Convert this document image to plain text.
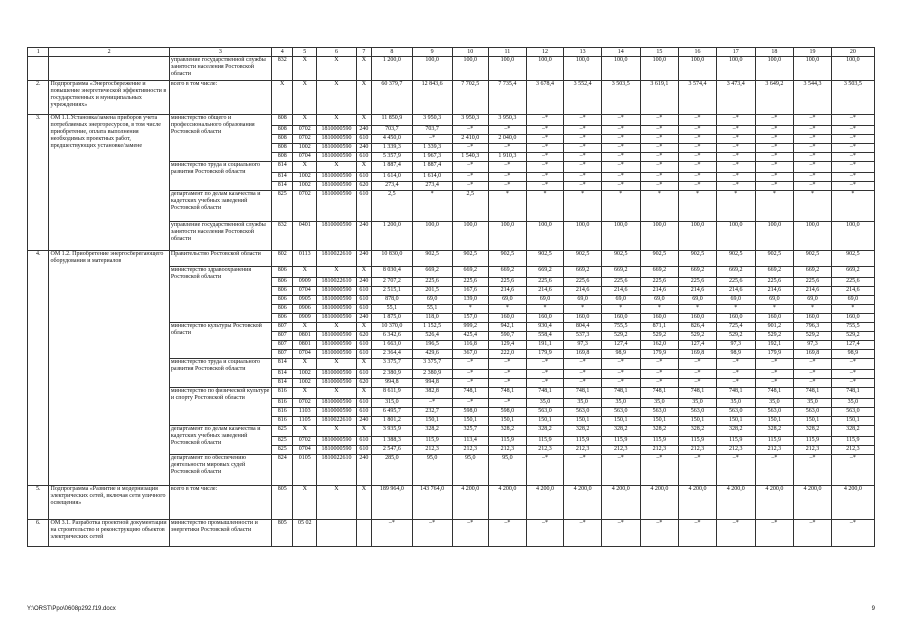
1	2	3	4	5	6	7	8	9	10	11	12	13	14	15	16	17	18	19	20
		управление государственной службы занятости населения Ростовской области	832	X	X	X	1 200,0	100,0	100,0	100,0	100,0	100,0	100,0	100,0	100,0	100,0	100,0	100,0	100,0
2.	Подпрограмма «Энергосбережение и повышение энергетической эффективности в государственных и муниципальных учреждениях»	всего в том числе:	X	X	X	X	60 379,7	12 843,6	7 702,5	7 735,4	3 678,4	3 552,4	3 503,5	3 619,1	3 574,4	3 473,4	3 649,2	3 544,3	3 503,5
3.	ОМ 1.1.Установка/замена приборов учета потребляемых энергоресурсов, в том числе приобретение, оплата выполнения необходимых проектных работ, предшествующих установке/замене	министерство общего и профессионального образования Ростовской области	808	X	X	X	11 850,9	3 950,3	3 950,3	3 950,3	–*	–*	–*	–*	–*	–*	–*	–*	–*
			808	0702	1810000590	240	703,7	703,7	–*	–*	–*	–*	–*	–*	–*	–*	–*	–*	–*
			808	0702	1810000590	610	4 450,0	–*	2 410,0	2 040,0	–*	–*	–*	–*	–*	–*	–*	–*	–*
			808	1002	1810000590	240	1 339,3	1 339,3	–*	–*	–*	–*	–*	–*	–*	–*	–*	–*	–*
			808	0704	1810000590	610	5 357,9	1 967,3	1 540,3	1 910,3	–*	–*	–*	–*	–*	–*	–*	–*	–*
		министерство труда и социального развития Ростовской области	814	X	X	X	1 887,4	1 887,4	–*	–*	–*	–*	–*	–*	–*	–*	–*	–*	–*
			814	1002	1810000590	610	1 614,0	1 614,0	–*	–*	–*	–*	–*	–*	–*	–*	–*	–*	–*
			814	1002	1810000590	620	273,4	273,4	–*	–*	–*	–*	–*	–*	–*	–*	–*	–*	–*
		департамент по делам казачества и кадетских учебных заведений Ростовской области	825	0702	1810000590	610	2,5	*	2,5	*	*	*	*	*	*	*	*	*	*
		управление государственной службы занятости населения Ростовской области	832	0401	1810000590	240	1 200,0	100,0	100,0	100,0	100,0	100,0	100,0	100,0	100,0	100,0	100,0	100,0	100,0
4.	ОМ 1.2. Приобретение энергосберегающего оборудования и материалов	Правительство Ростовской области	802	0113	1810022610	240	10 830,0	902,5	902,5	902,5	902,5	902,5	902,5	902,5	902,5	902,5	902,5	902,5	902,5
		министерство здравоохранения Ростовской области	806	X	X	X	8 030,4	669,2	669,2	669,2	669,2	669,2	669,2	669,2	669,2	669,2	669,2	669,2	669,2
			806	0909	1810022610	240	2 707,2	225,6	225,6	225,6	225,6	225,6	225,6	225,6	225,6	225,6	225,6	225,6	225,6
			806	0704	1810000590	610	2 515,1	201,5	167,6	214,6	214,6	214,6	214,6	214,6	214,6	214,6	214,6	214,6	214,6
			806	0905	1810000590	610	878,0	69,0	139,0	69,0	69,0	69,0	69,0	69,0	69,0	69,0	69,0	69,0	69,0
			806	0906	1810000590	610	55,1	55,1	*	*	*	*	*	*	*	*	*	*	*
			806	0909	1810000590	240	1 875,0	118,0	157,0	160,0	160,0	160,0	160,0	160,0	160,0	160,0	160,0	160,0	160,0
		министерство культуры Ростовской области	807	X	X	X	10 370,0	1 152,5	999,2	942,1	930,4	804,4	755,5	871,1	826,4	725,4	901,2	796,3	755,5
			807	0801	1810000590	620	6 342,6	526,4	425,4	590,7	558,4	537,3	529,2	529,2	529,2	529,2	529,2	529,2	529,2
			807	0801	1810000590	610	1 663,0	196,5	116,8	129,4	191,1	97,3	127,4	162,0	127,4	97,3	192,1	97,3	127,4
			807	0704	1810000590	610	2 364,4	429,6	367,0	222,0	179,9	169,8	98,9	179,9	169,8	98,9	179,9	169,8	98,9
		министерство труда и социального развития Ростовской области	814	X	X	X	3 375,7	3 375,7	–*	–*	–*	–*	–*	–*	–*	–*	–*	–*	–*
			814	1002	1810000590	610	2 380,9	2 380,9	–*	–*	–*	–*	–*	–*	–*	–*	–*	–*	–*
			814	1002	1810000590	620	994,8	994,8	–*	–*	–*	–*	–*	–*	–*	–*	–*	–*	–*
		министерство по физической культуре и спорту Ростовской области	816	X	X	X	8 611,9	382,8	748,1	748,1	748,1	748,1	748,1	748,1	748,1	748,1	748,1	748,1	748,1
			816	0702	1810000590	610	315,0	–*	–*	–*	35,0	35,0	35,0	35,0	35,0	35,0	35,0	35,0	35,0
			816	1103	1810000590	610	6 495,7	232,7	598,0	598,0	563,0	563,0	563,0	563,0	563,0	563,0	563,0	563,0	563,0
			816	1105	1810022610	240	1 801,2	150,1	150,1	150,1	150,1	150,1	150,1	150,1	150,1	150,1	150,1	150,1	150,1
		департамент по делам казачества и кадетских учебных заведений Ростовской области	825	X	X	X	3 935,9	328,2	325,7	328,2	328,2	328,2	328,2	328,2	328,2	328,2	328,2	328,2	328,2
			825	0702	1810000590	610	1 388,3	115,9	113,4	115,9	115,9	115,9	115,9	115,9	115,9	115,9	115,9	115,9	115,9
			825	0704	1810000590	610	2 547,6	212,3	212,3	212,3	212,3	212,3	212,3	212,3	212,3	212,3	212,3	212,3	212,3
		департамент по обеспечению деятельности мировых судей Ростовской области	824	0105	1810022610	240	285,0	95,0	95,0	95,0	–*	–*	–*	–*	–*	–*	–*	–*	–*
5.	Подпрограмма «Развитие и модернизация электрических сетей, включая сети уличного освещения»	всего в том числе:	805	X	X	X	189 964,0	143 764,0	4 200,0	4 200,0	4 200,0	4 200,0	4 200,0	4 200,0	4 200,0	4 200,0	4 200,0	4 200,0	4 200,0
6.	ОМ 3.1. Разработка проектной документации на строительство и реконструкцию объектов электрических сетей	министерство промышленности и энергетики Ростовской области	805	05 02			–*	–*	–*	–*	–*	–*	–*	–*	–*	–*	–*	–*	–*
Y:\ORST\Ppo\0608p292.f19.docx	9
